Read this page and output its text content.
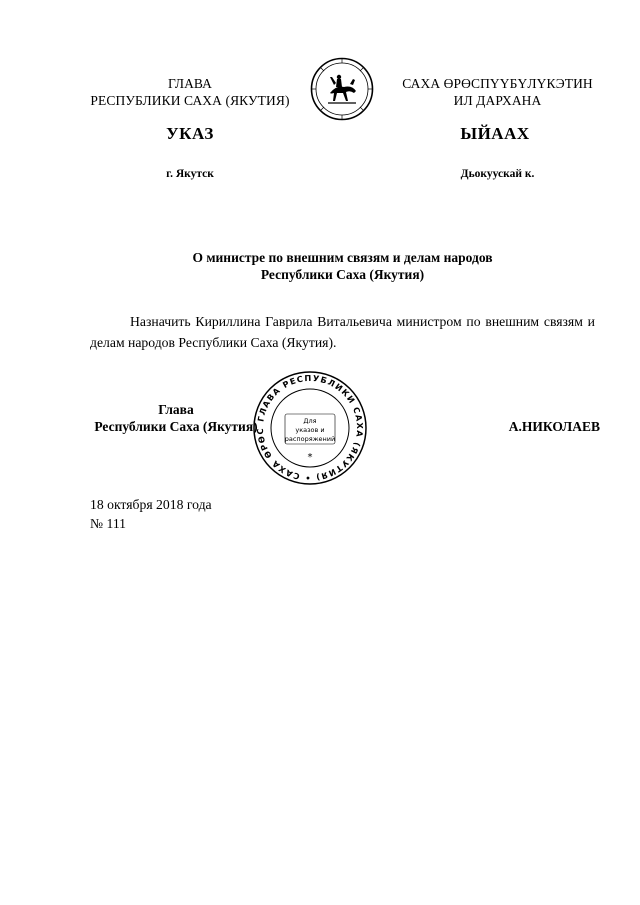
ГЛАВА
РЕСПУБЛИКИ САХА (ЯКУТИЯ)
САХА ӨРӨСПҮҮБҮЛҮКЭТИН
ИЛ ДАРХАНА
УКАЗ	ЫЙААХ
г. Якутск	Дьокуускай к.
О министре по внешним связям и делам народов
Республики Саха (Якутия)
Назначить Кириллина Гаврила Витальевича министром по внешним связям и делам народов Республики Саха (Якутия).
Глава
Республики Саха (Якутия)	А.НИКОЛАЕВ
ГЛАВА РЕСПУБЛИКИ САХА (ЯКУТИЯ) • САХА ӨРӨС
Для
указов и
распоряжений
*
18 октября 2018 года
№ 111
